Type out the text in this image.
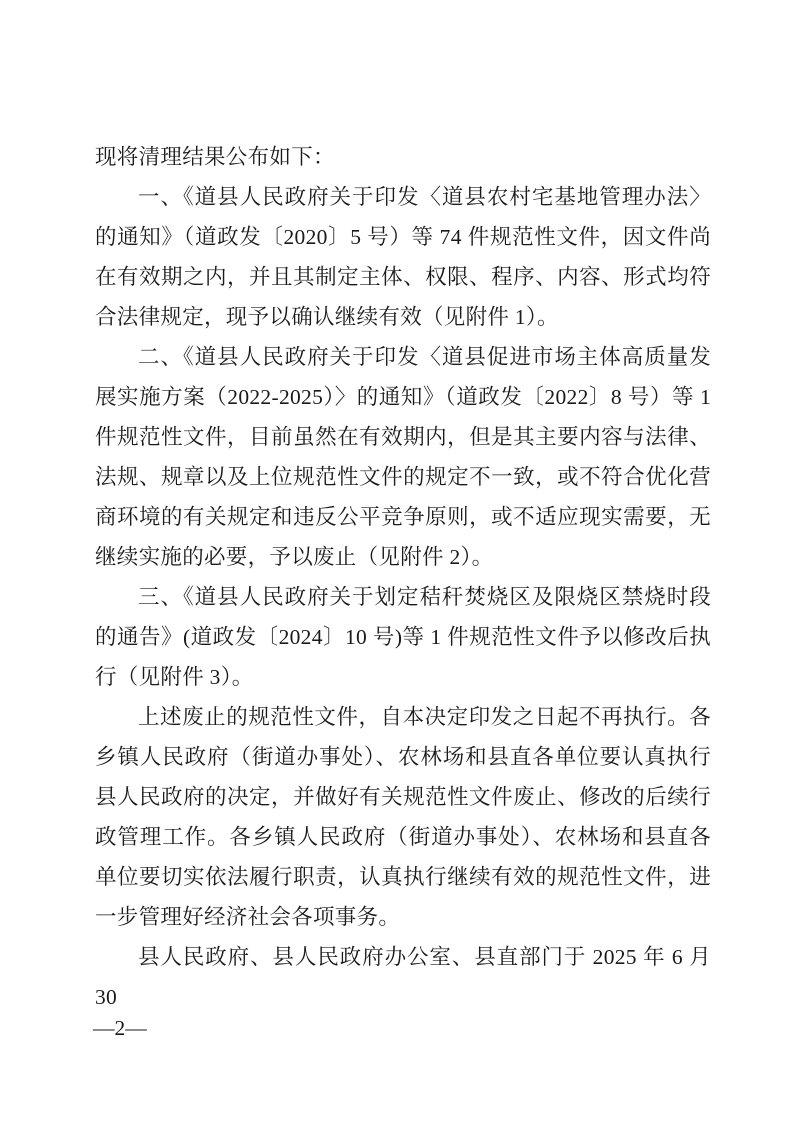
现将清理结果公布如下：

一、《道县人民政府关于印发〈道县农村宅基地管理办法〉的通知》（道政发〔2020〕5 号）等 74 件规范性文件，因文件尚在有效期之内，并且其制定主体、权限、程序、内容、形式均符合法律规定，现予以确认继续有效（见附件 1）。

二、《道县人民政府关于印发〈道县促进市场主体高质量发展实施方案（2022-2025）〉的通知》（道政发〔2022〕8 号）等 1 件规范性文件，目前虽然在有效期内，但是其主要内容与法律、法规、规章以及上位规范性文件的规定不一致，或不符合优化营商环境的有关规定和违反公平竞争原则，或不适应现实需要，无继续实施的必要，予以废止（见附件 2）。

三、《道县人民政府关于划定秸秆焚烧区及限烧区禁烧时段的通告》(道政发〔2024〕10 号)等 1 件规范性文件予以修改后执行（见附件 3）。

上述废止的规范性文件，自本决定印发之日起不再执行。各乡镇人民政府（街道办事处）、农林场和县直各单位要认真执行县人民政府的决定，并做好有关规范性文件废止、修改的后续行政管理工作。各乡镇人民政府（街道办事处）、农林场和县直各单位要切实依法履行职责，认真执行继续有效的规范性文件，进一步管理好经济社会各项事务。

县人民政府、县人民政府办公室、县直部门于 2025 年 6 月 30

—2—
